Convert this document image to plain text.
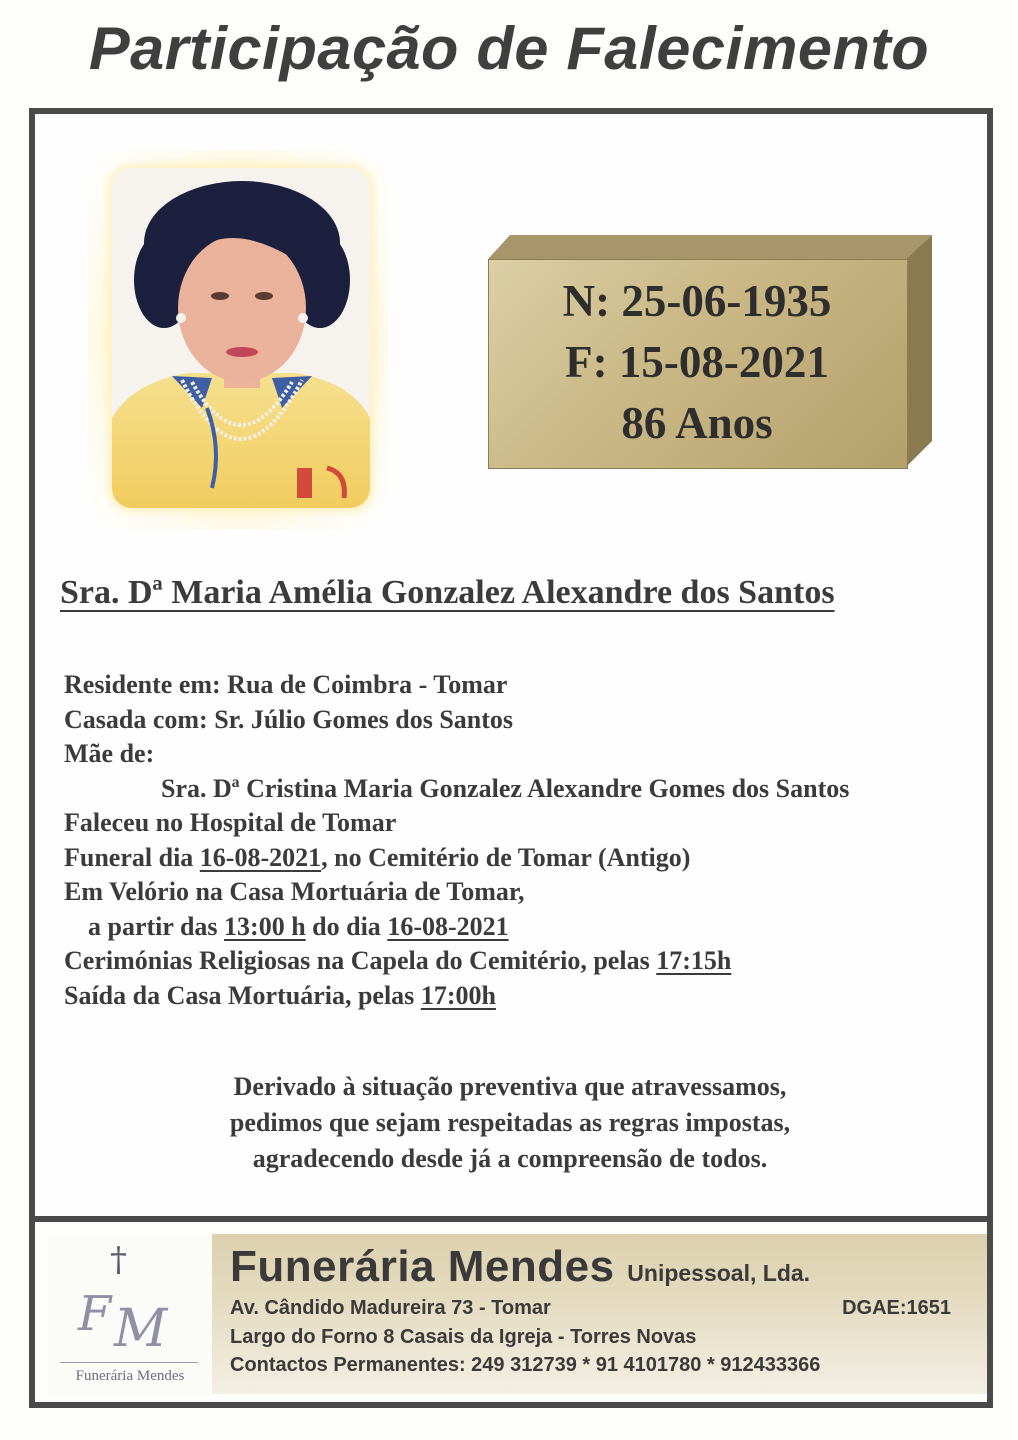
Participação de Falecimento
N: 25-06-1935
F: 15-08-2021
86 Anos
Sra. Dª Maria Amélia Gonzalez Alexandre dos Santos
Residente em: Rua de Coimbra - Tomar
Casada com: Sr. Júlio Gomes dos Santos
Mãe de:
Sra. Dª Cristina Maria Gonzalez Alexandre Gomes dos Santos
Faleceu no Hospital de Tomar
Funeral dia 16-08-2021, no Cemitério de Tomar (Antigo)
Em Velório na Casa Mortuária de Tomar,
a partir das 13:00 h do dia 16-08-2021
Cerimónias Religiosas na Capela do Cemitério, pelas 17:15h
Saída da Casa Mortuária, pelas 17:00h
Derivado à situação preventiva que atravessamos,
pedimos que sejam respeitadas as regras impostas,
agradecendo desde já a compreensão de todos.
†
F M
Funerária Mendes
Funerária Mendes Unipessoal, Lda.
Av. Cândido Madureira 73 - Tomar	DGAE:1651
Largo do Forno 8 Casais da Igreja - Torres Novas
Contactos Permanentes: 249 312739 * 91 4101780 * 912433366
